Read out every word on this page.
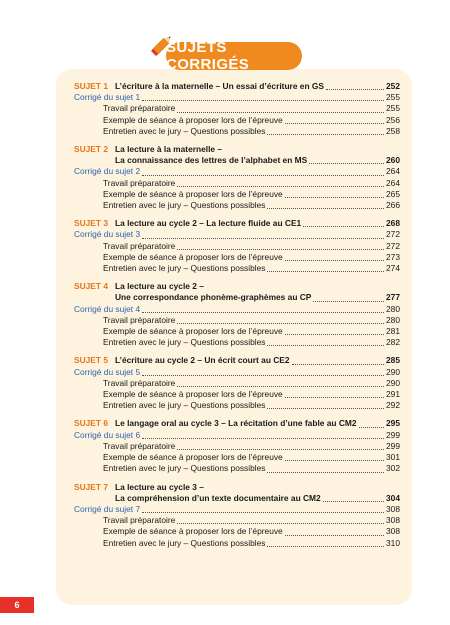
SUJETS CORRIGÉS
SUJET 1 L’écriture à la maternelle – Un essai d’écriture en GS	252
Corrigé du sujet 1	255
Travail préparatoire	255
Exemple de séance à proposer lors de l’épreuve	256
Entretien avec le jury – Questions possibles	258
SUJET 2 La lecture à la maternelle –
La connaissance des lettres de l’alphabet en MS	260
Corrigé du sujet 2	264
Travail préparatoire	264
Exemple de séance à proposer lors de l’épreuve	265
Entretien avec le jury – Questions possibles	266
SUJET 3 La lecture au cycle 2 – La lecture fluide au CE1	268
Corrigé du sujet 3	272
Travail préparatoire	272
Exemple de séance à proposer lors de l’épreuve	273
Entretien avec le jury – Questions possibles	274
SUJET 4 La lecture au cycle 2 –
Une correspondance phonème-graphèmes au CP	277
Corrigé du sujet 4	280
Travail préparatoire	280
Exemple de séance à proposer lors de l’épreuve	281
Entretien avec le jury – Questions possibles	282
SUJET 5 L’écriture au cycle 2 – Un écrit court au CE2	285
Corrigé du sujet 5	290
Travail préparatoire	290
Exemple de séance à proposer lors de l’épreuve	291
Entretien avec le jury – Questions possibles	292
SUJET 6 Le langage oral au cycle 3 – La récitation d’une fable au CM2	295
Corrigé du sujet 6	299
Travail préparatoire	299
Exemple de séance à proposer lors de l’épreuve	301
Entretien avec le jury – Questions possibles	302
SUJET 7 La lecture au cycle 3 –
La compréhension d’un texte documentaire au CM2	304
Corrigé du sujet 7	308
Travail préparatoire	308
Exemple de séance à proposer lors de l’épreuve	308
Entretien avec le jury – Questions possibles	310
6
